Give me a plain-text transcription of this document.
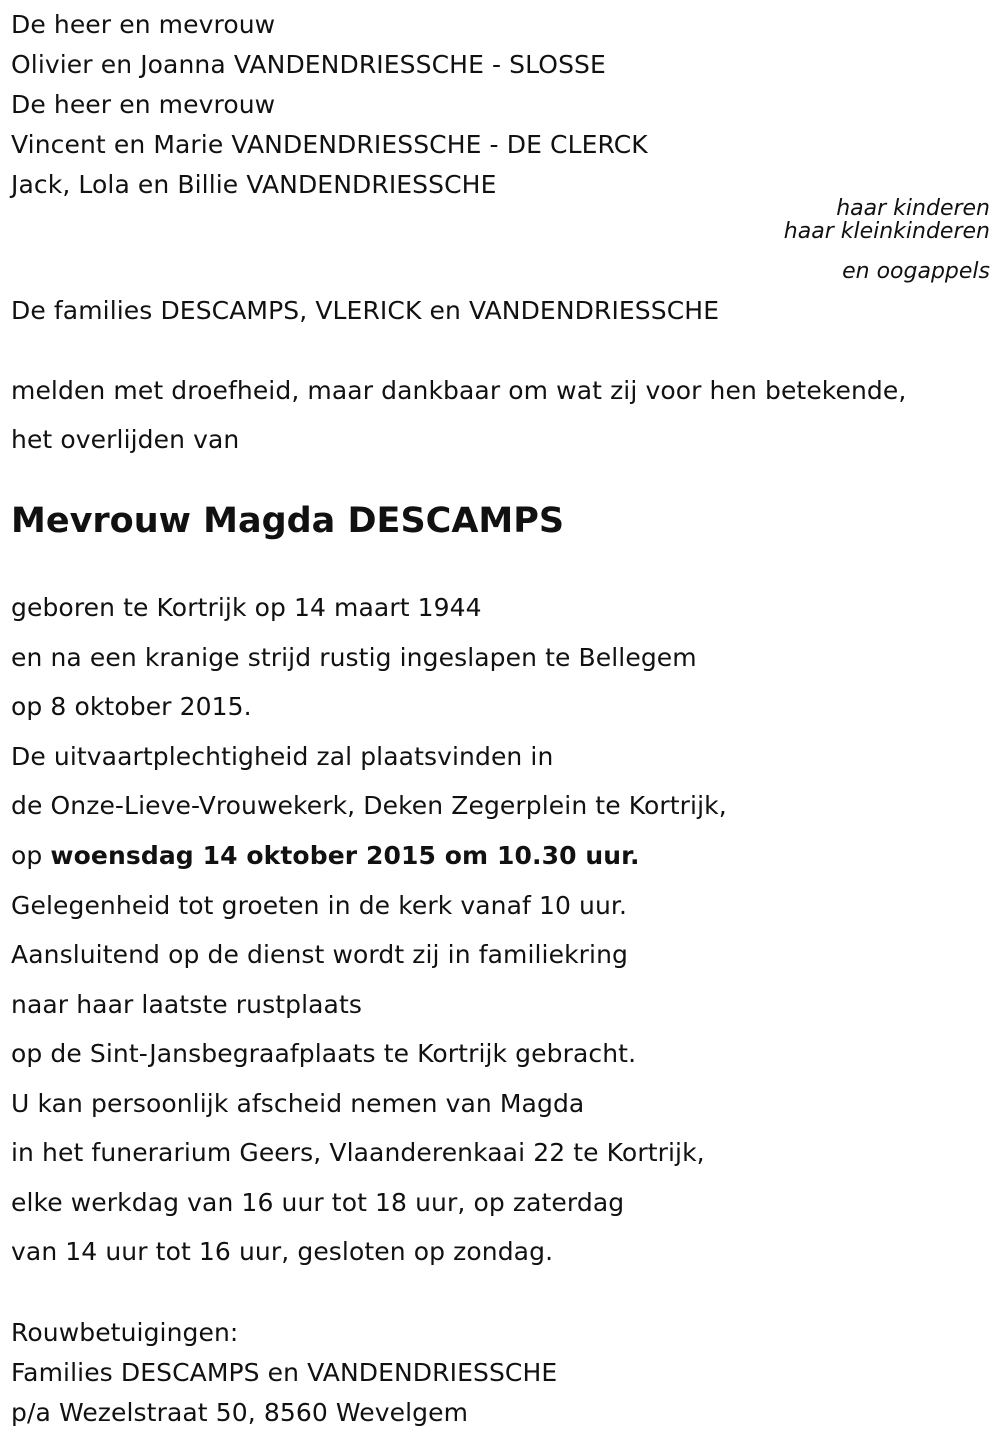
De heer en mevrouw
Olivier en Joanna VANDENDRIESSCHE - SLOSSE
De heer en mevrouw
Vincent en Marie VANDENDRIESSCHE - DE CLERCK
Jack, Lola en Billie VANDENDRIESSCHE
haar kinderen
haar kleinkinderen
en oogappels
De families DESCAMPS, VLERICK en VANDENDRIESSCHE
melden met droefheid, maar dankbaar om wat zij voor hen betekende,
het overlijden van
Mevrouw Magda DESCAMPS
geboren te Kortrijk op 14 maart 1944
en na een kranige strijd rustig ingeslapen te Bellegem
op 8 oktober 2015.
De uitvaartplechtigheid zal plaatsvinden in
de Onze-Lieve-Vrouwekerk, Deken Zegerplein te Kortrijk,
op woensdag 14 oktober 2015 om 10.30 uur.
Gelegenheid tot groeten in de kerk vanaf 10 uur.
Aansluitend op de dienst wordt zij in familiekring
naar haar laatste rustplaats
op de Sint-Jansbegraafplaats te Kortrijk gebracht.
U kan persoonlijk afscheid nemen van Magda
in het funerarium Geers, Vlaanderenkaai 22 te Kortrijk,
elke werkdag van 16 uur tot 18 uur, op zaterdag
van 14 uur tot 16 uur, gesloten op zondag.
Rouwbetuigingen:
Families DESCAMPS en VANDENDRIESSCHE
p/a Wezelstraat 50, 8560 Wevelgem
